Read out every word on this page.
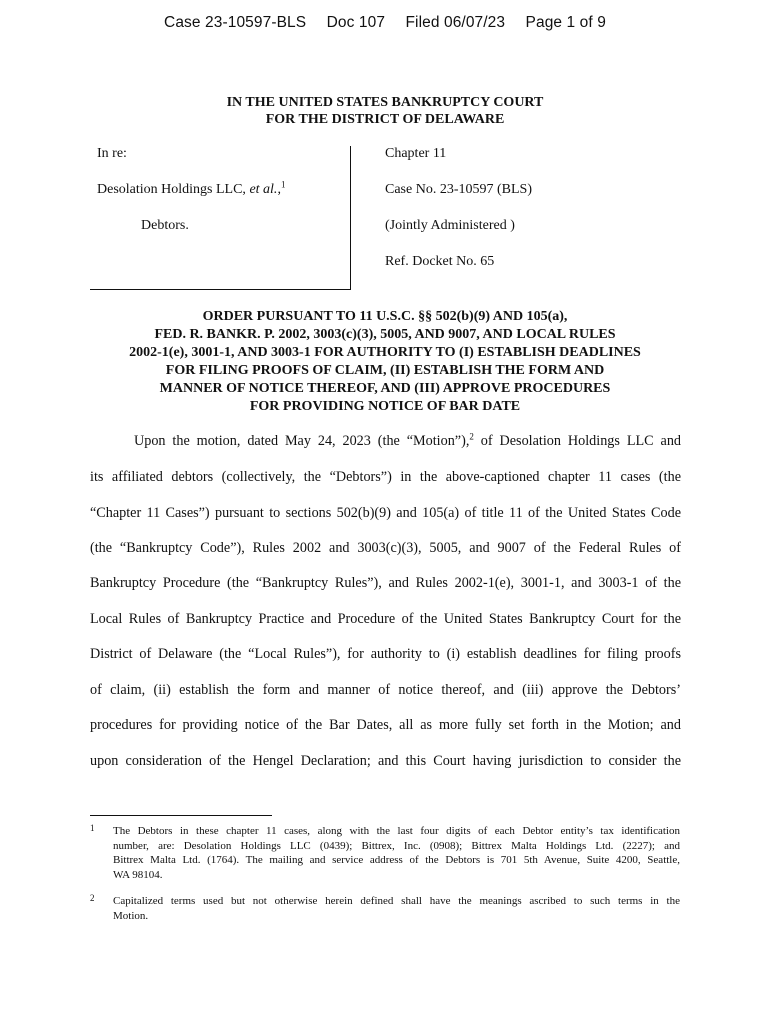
Case 23-10597-BLS Doc 107 Filed 06/07/23 Page 1 of 9
IN THE UNITED STATES BANKRUPTCY COURT
FOR THE DISTRICT OF DELAWARE
In re:
Desolation Holdings LLC, et al.,$^1$
Debtors.
Chapter 11
Case No. 23-10597 (BLS)
(Jointly Administered )
Ref. Docket No. 65
ORDER PURSUANT TO 11 U.S.C. §§ 502(b)(9) AND 105(a),
FED. R. BANKR. P. 2002, 3003(c)(3), 5005, AND 9007, AND LOCAL RULES
2002-1(e), 3001-1, AND 3003-1 FOR AUTHORITY TO (I) ESTABLISH DEADLINES
FOR FILING PROOFS OF CLAIM, (II) ESTABLISH THE FORM AND
MANNER OF NOTICE THEREOF, AND (III) APPROVE PROCEDURES
FOR PROVIDING NOTICE OF BAR DATE
Upon the motion, dated May 24, 2023 (the “Motion”),$^2$ of Desolation Holdings LLC and
its affiliated debtors (collectively, the “Debtors”) in the above-captioned chapter 11 cases (the
“Chapter 11 Cases”) pursuant to sections 502(b)(9) and 105(a) of title 11 of the United States Code
(the “Bankruptcy Code”), Rules 2002 and 3003(c)(3), 5005, and 9007 of the Federal Rules of
Bankruptcy Procedure (the “Bankruptcy Rules”), and Rules 2002-1(e), 3001-1, and 3003-1 of the
Local Rules of Bankruptcy Practice and Procedure of the United States Bankruptcy Court for the
District of Delaware (the “Local Rules”), for authority to (i) establish deadlines for filing proofs
of claim, (ii) establish the form and manner of notice thereof, and (iii) approve the Debtors’
procedures for providing notice of the Bar Dates, all as more fully set forth in the Motion; and
upon consideration of the Hengel Declaration; and this Court having jurisdiction to consider the
1 The Debtors in these chapter 11 cases, along with the last four digits of each Debtor entity’s tax identification
number, are: Desolation Holdings LLC (0439); Bittrex, Inc. (0908); Bittrex Malta Holdings Ltd. (2227); and
Bittrex Malta Ltd. (1764). The mailing and service address of the Debtors is 701 5th Avenue, Suite 4200, Seattle,
WA 98104.
2 Capitalized terms used but not otherwise herein defined shall have the meanings ascribed to such terms in the
Motion.
